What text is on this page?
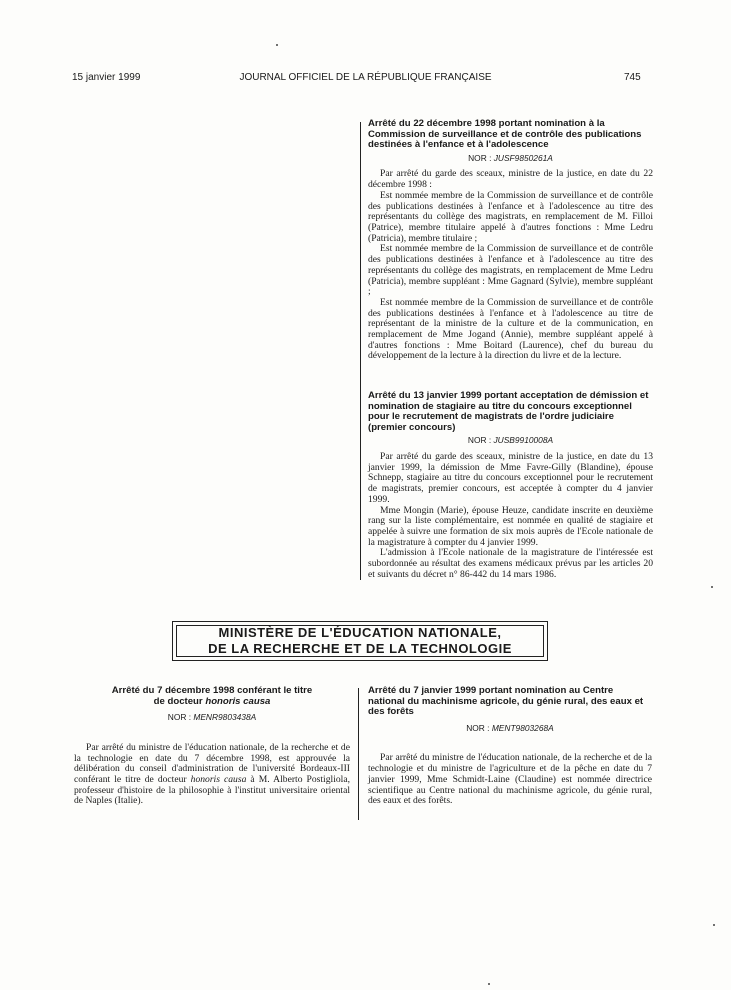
15 janvier 1999	JOURNAL OFFICIEL DE LA RÉPUBLIQUE FRANÇAISE	745
Arrêté du 22 décembre 1998 portant nomination à la Commission de surveillance et de contrôle des publications destinées à l'enfance et à l'adolescence
NOR : JUSF9850261A

Par arrêté du garde des sceaux, ministre de la justice, en date du 22 décembre 1998 :

Est nommée membre de la Commission de surveillance et de contrôle des publications destinées à l'enfance et à l'adolescence au titre des représentants du collège des magistrats, en remplacement de M. Filloi (Patrice), membre titulaire appelé à d'autres fonctions : Mme Ledru (Patricia), membre titulaire ;

Est nommée membre de la Commission de surveillance et de contrôle des publications destinées à l'enfance et à l'adolescence au titre des représentants du collège des magistrats, en remplacement de Mme Ledru (Patricia), membre suppléant : Mme Gagnard (Sylvie), membre suppléant ;

Est nommée membre de la Commission de surveillance et de contrôle des publications destinées à l'enfance et à l'adolescence au titre de représentant de la ministre de la culture et de la communication, en remplacement de Mme Jogand (Annie), membre suppléant appelé à d'autres fonctions : Mme Boitard (Laurence), chef du bureau du développement de la lecture à la direction du livre et de la lecture.

Arrêté du 13 janvier 1999 portant acceptation de démission et nomination de stagiaire au titre du concours exceptionnel pour le recrutement de magistrats de l'ordre judiciaire (premier concours)
NOR : JUSB9910008A

Par arrêté du garde des sceaux, ministre de la justice, en date du 13 janvier 1999, la démission de Mme Favre-Gilly (Blandine), épouse Schnepp, stagiaire au titre du concours exceptionnel pour le recrutement de magistrats, premier concours, est acceptée à compter du 4 janvier 1999.

Mme Mongin (Marie), épouse Heuze, candidate inscrite en deuxième rang sur la liste complémentaire, est nommée en qualité de stagiaire et appelée à suivre une formation de six mois auprès de l'Ecole nationale de la magistrature à compter du 4 janvier 1999.

L'admission à l'Ecole nationale de la magistrature de l'intéressée est subordonnée au résultat des examens médicaux prévus par les articles 20 et suivants du décret n° 86-442 du 14 mars 1986.

MINISTÈRE DE L'ÉDUCATION NATIONALE,
DE LA RECHERCHE ET DE LA TECHNOLOGIE
Arrêté du 7 décembre 1998 conférant le titre
de docteur honoris causa
NOR : MENR9803438A

Par arrêté du ministre de l'éducation nationale, de la recherche et de la technologie en date du 7 décembre 1998, est approuvée la délibération du conseil d'administration de l'université Bordeaux-III conférant le titre de docteur honoris causa à M. Alberto Postigliola, professeur d'histoire de la philosophie à l'institut universitaire oriental de Naples (Italie).

Arrêté du 7 janvier 1999 portant nomination au Centre national du machinisme agricole, du génie rural, des eaux et des forêts
NOR : MENT9803268A

Par arrêté du ministre de l'éducation nationale, de la recherche et de la technologie et du ministre de l'agriculture et de la pêche en date du 7 janvier 1999, Mme Schmidt-Laine (Claudine) est nommée directrice scientifique au Centre national du machinisme agricole, du génie rural, des eaux et des forêts.
